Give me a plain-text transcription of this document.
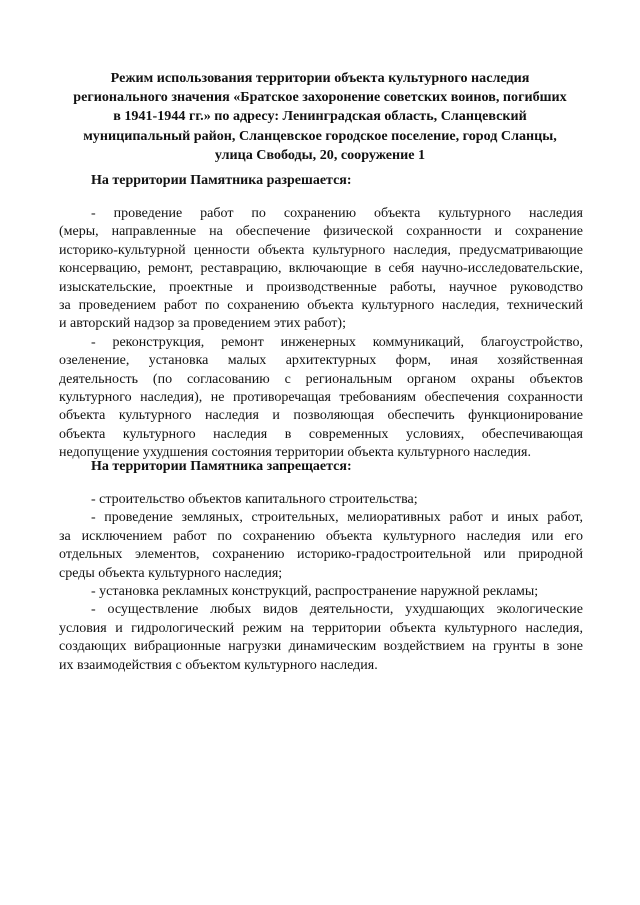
Режим использования территории объекта культурного наследия
регионального значения «Братское захоронение советских воинов, погибших
в 1941-1944 гг.» по адресу: Ленинградская область, Сланцевский
муниципальный район, Сланцевское городское поселение, город Сланцы,
улица Свободы, 20, сооружение 1
На территории Памятника разрешается:
- проведение работ по сохранению объекта культурного наследия
(меры, направленные на обеспечение физической сохранности и сохранение
историко-культурной ценности объекта культурного наследия, предусматривающие
консервацию, ремонт, реставрацию, включающие в себя научно-исследовательские,
изыскательские, проектные и производственные работы, научное руководство
за проведением работ по сохранению объекта культурного наследия, технический
и авторский надзор за проведением этих работ);
- реконструкция, ремонт инженерных коммуникаций, благоустройство,
озеленение, установка малых архитектурных форм, иная хозяйственная
деятельность (по согласованию с региональным органом охраны объектов
культурного наследия), не противоречащая требованиям обеспечения сохранности
объекта культурного наследия и позволяющая обеспечить функционирование
объекта культурного наследия в современных условиях, обеспечивающая
недопущение ухудшения состояния территории объекта культурного наследия.
На территории Памятника запрещается:
- строительство объектов капитального строительства;
- проведение земляных, строительных, мелиоративных работ и иных работ,
за исключением работ по сохранению объекта культурного наследия или его
отдельных элементов, сохранению историко-градостроительной или природной
среды объекта культурного наследия;
- установка рекламных конструкций, распространение наружной рекламы;
- осуществление любых видов деятельности, ухудшающих экологические
условия и гидрологический режим на территории объекта культурного наследия,
создающих вибрационные нагрузки динамическим воздействием на грунты в зоне
их взаимодействия с объектом культурного наследия.
